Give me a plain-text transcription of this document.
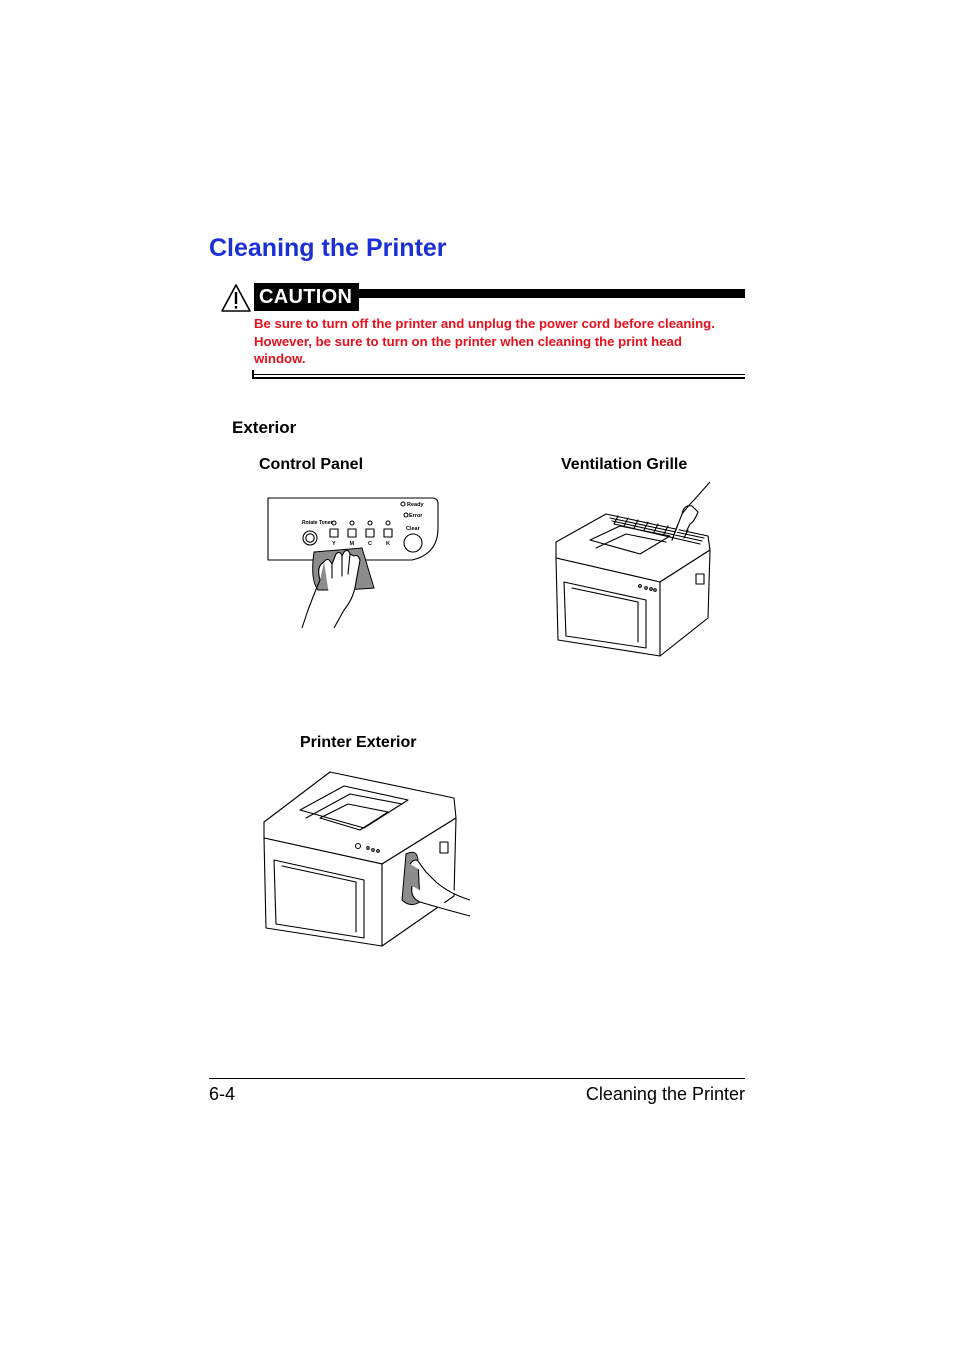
Cleaning the Printer
CAUTION
Be sure to turn off the printer and unplug the power cord before cleaning. However, be sure to turn on the printer when cleaning the print head window.
Exterior
Control Panel	Ventilation Grille
Printer Exterior
Rotate Toner
Y	M	C	K
Ready
Error
Clear
6-4	Cleaning the Printer
